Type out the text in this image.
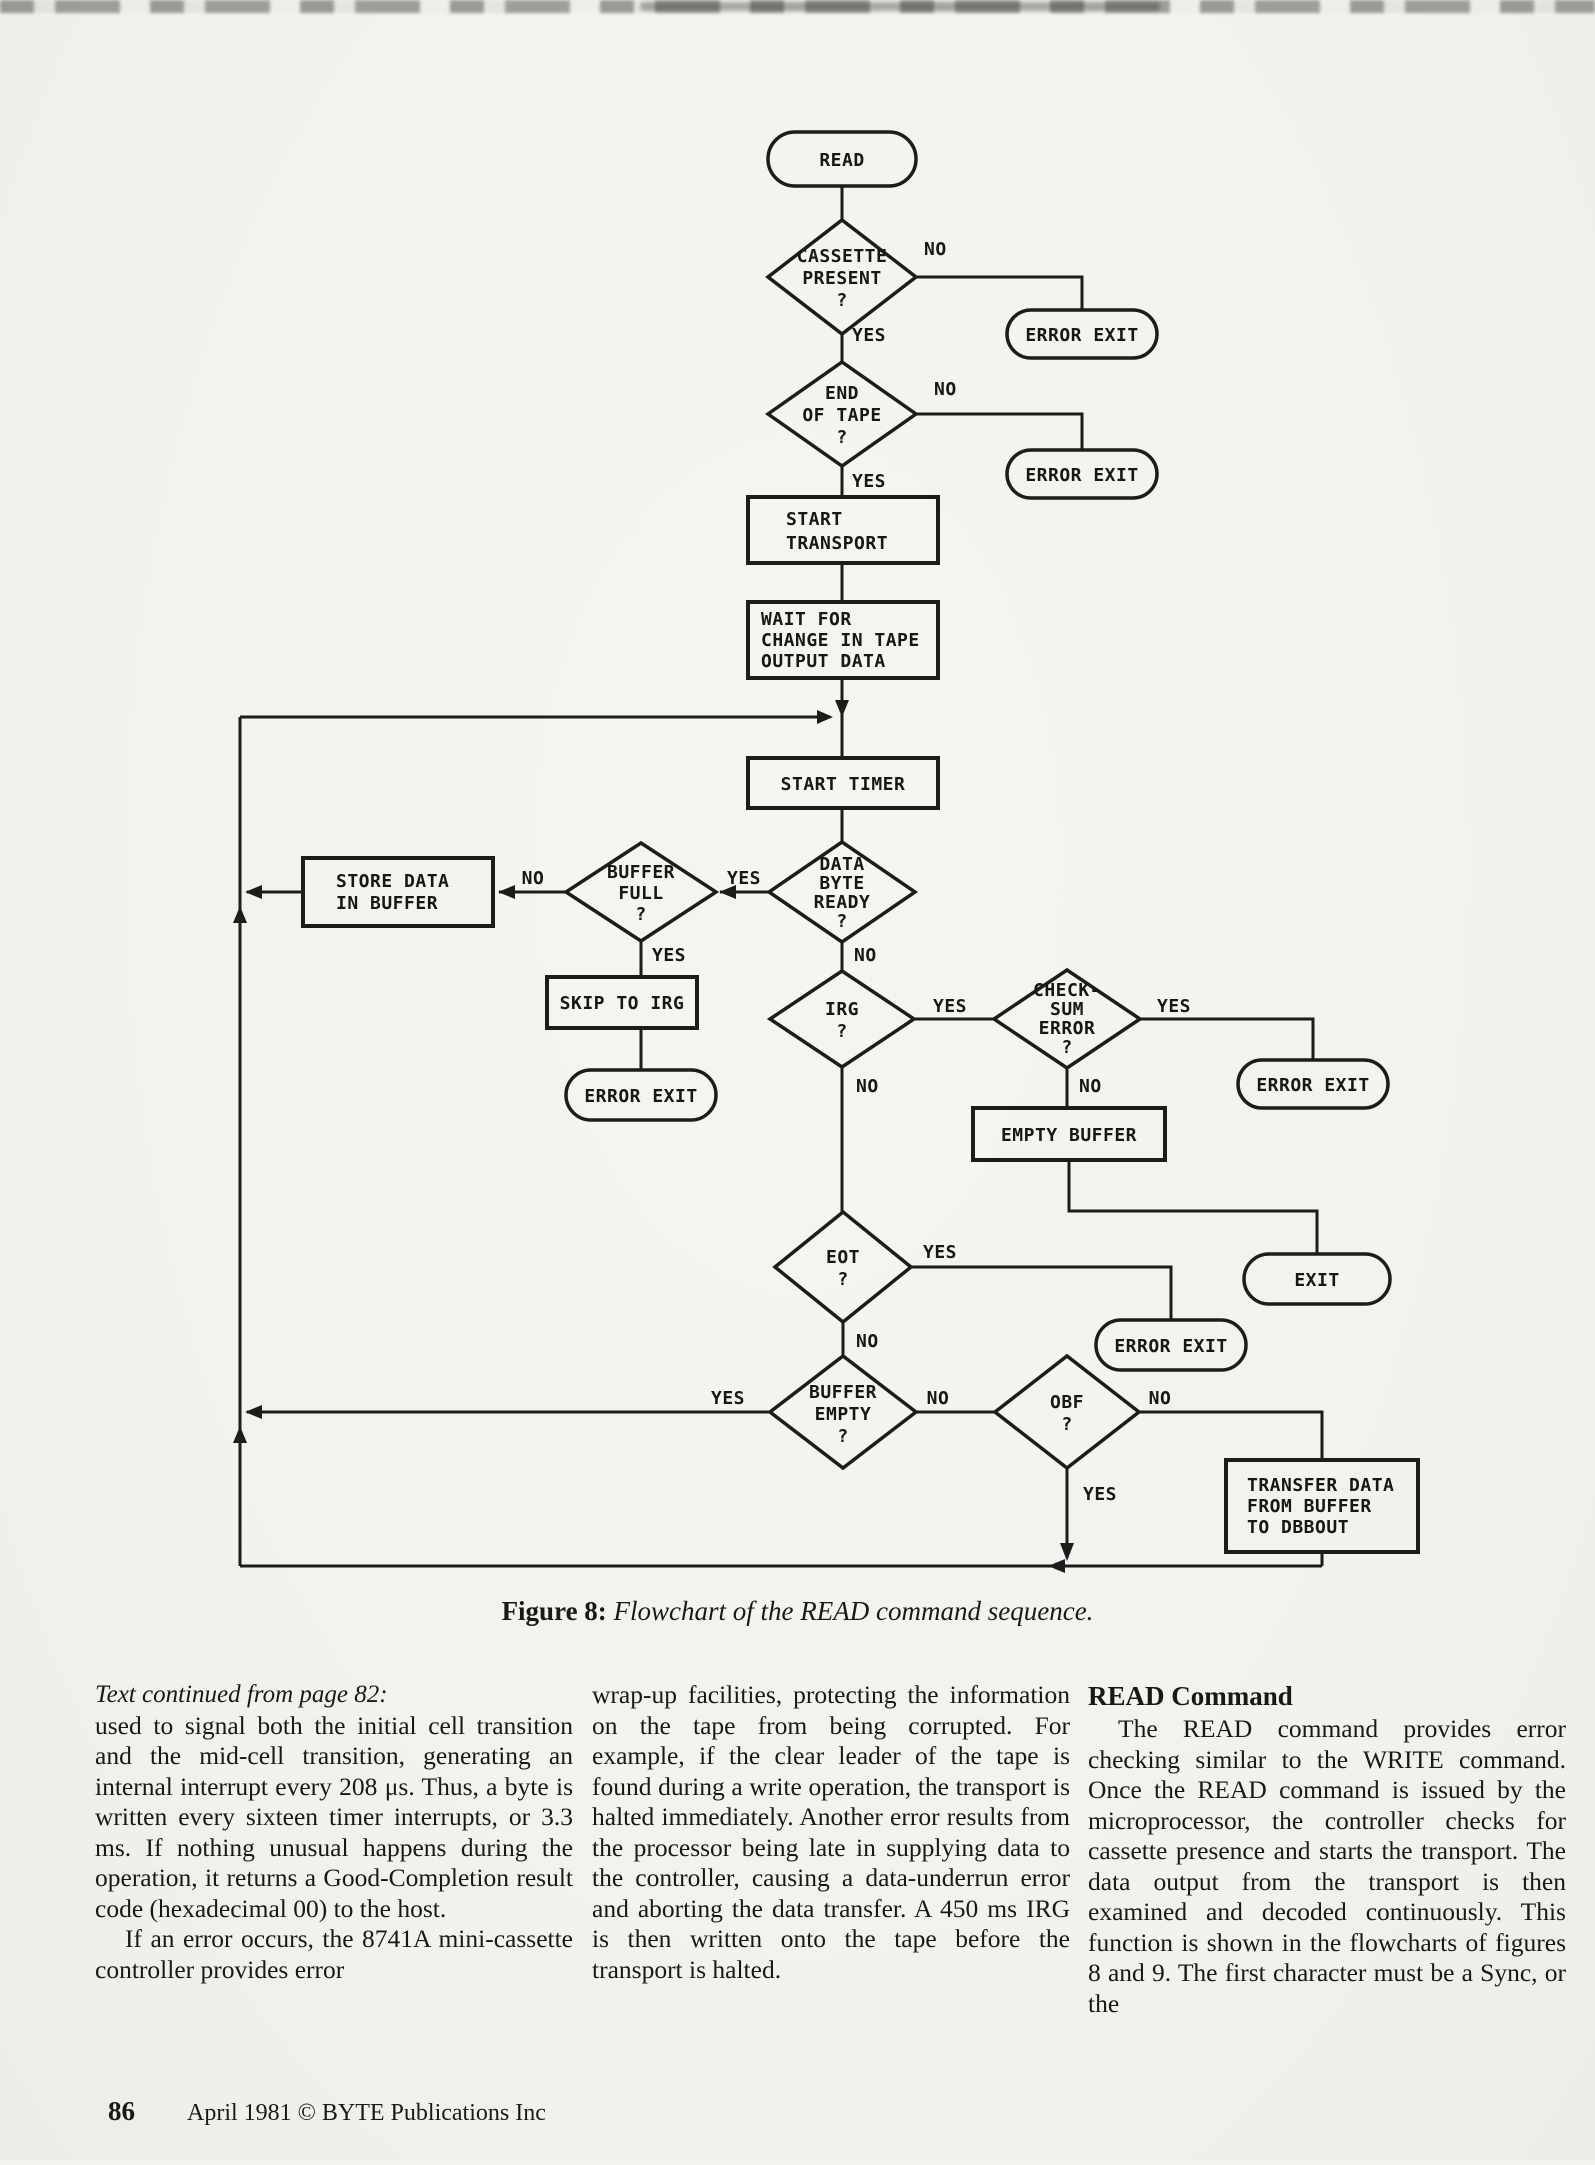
READ
ERROR EXIT
ERROR EXIT
ERROR EXIT
ERROR EXIT
EXIT
ERROR EXIT
CASSETTE
PRESENT
?
END
OF TAPE
?
DATA
BYTE
READY
?
BUFFER
FULL
?
IRG
?
CHECK-
SUM
ERROR
?
EOT
?
BUFFER
EMPTY
?
OBF
?
START
TRANSPORT
WAIT FOR
CHANGE IN TAPE
OUTPUT DATA
START TIMER
STORE DATA
IN BUFFER
SKIP TO IRG
EMPTY BUFFER
TRANSFER DATA
FROM BUFFER
TO DBBOUT
NO
YES
NO
YES
YES
NO
YES	NO
YES	YES
NO	NO
YES
NO
YES	NO	NO
YES
Figure 8: Flowchart of the READ command sequence.

Text continued from page 82:

used to signal both the initial cell transition and the mid-cell transition, generating an internal interrupt every 208 μs. Thus, a byte is written every sixteen timer interrupts, or 3.3 ms. If nothing unusual happens during the operation, it returns a Good-Completion result code (hexadecimal 00) to the host.

If an error occurs, the 8741A mini-cassette controller provides error

wrap-up facilities, protecting the information on the tape from being corrupted. For example, if the clear leader of the tape is found during a write operation, the transport is halted immediately. Another error results from the processor being late in supplying data to the controller, causing a data-underrun error and aborting the data transfer. A 450 ms IRG is then written onto the tape before the transport is halted.

READ Command

The READ command provides error checking similar to the WRITE command. Once the READ command is issued by the microprocessor, the controller checks for cassette presence and starts the transport. The data output from the transport is then examined and decoded continuously. This function is shown in the flowcharts of figures 8 and 9. The first character must be a Sync, or the

86 April 1981 © BYTE Publications Inc
